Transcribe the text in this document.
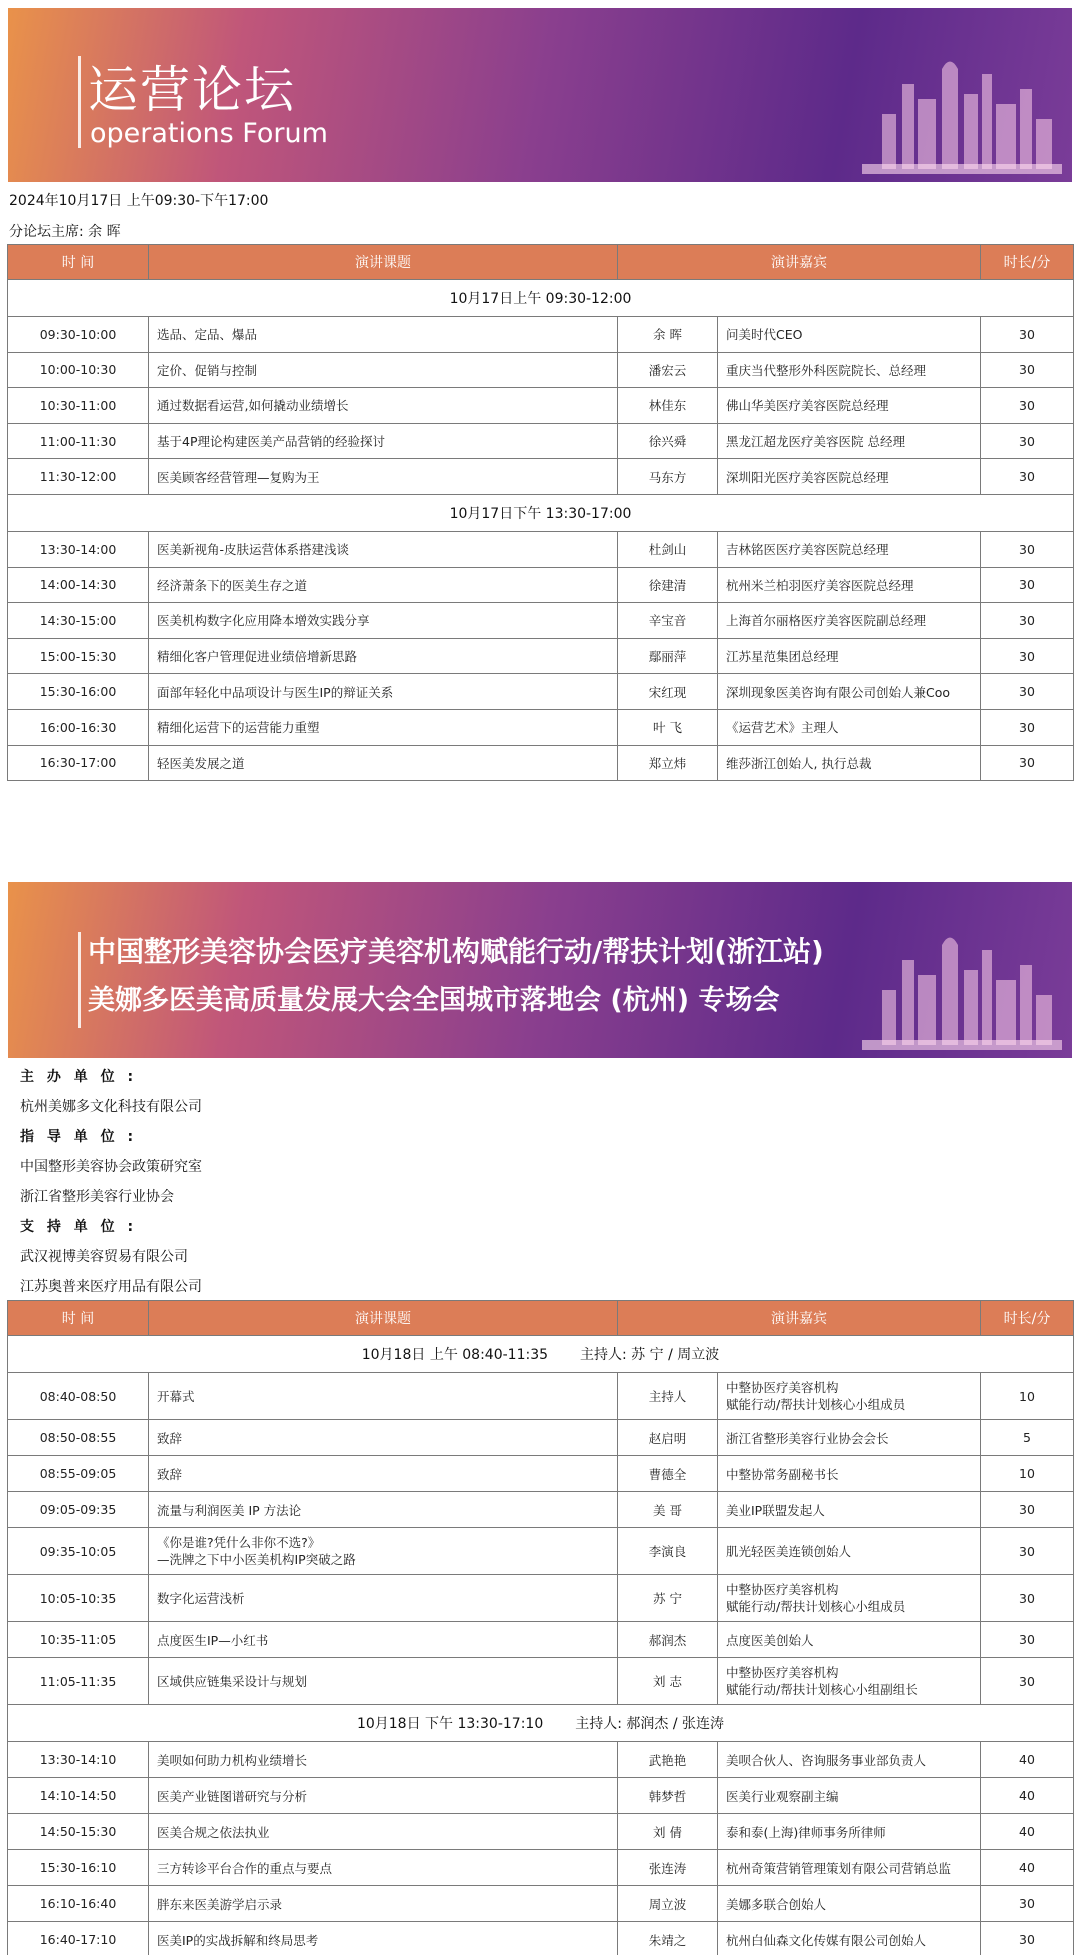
运营论坛
operations Forum
2024年10月17日 上午09:30-下午17:00
分论坛主席: 余 晖
时 间	演讲课题	演讲嘉宾		时长/分
10月17日上午 09:30-12:00				
09:30-10:00	选品、定品、爆品	余 晖	问美时代CEO	30
10:00-10:30	定价、促销与控制	潘宏云	重庆当代整形外科医院院长、总经理	30
10:30-11:00	通过数据看运营,如何撬动业绩增长	林佳东	佛山华美医疗美容医院总经理	30
11:00-11:30	基于4P理论构建医美产品营销的经验探讨	徐兴舜	黑龙江超龙医疗美容医院 总经理	30
11:30-12:00	医美顾客经营管理—复购为王	马东方	深圳阳光医疗美容医院总经理	30
10月17日下午 13:30-17:00				
13:30-14:00	医美新视角-皮肤运营体系搭建浅谈	杜剑山	吉林铭医医疗美容医院总经理	30
14:00-14:30	经济萧条下的医美生存之道	徐建清	杭州米兰柏羽医疗美容医院总经理	30
14:30-15:00	医美机构数字化应用降本增效实践分享	辛宝音	上海首尔丽格医疗美容医院副总经理	30
15:00-15:30	精细化客户管理促进业绩倍增新思路	鄢丽萍	江苏星范集团总经理	30
15:30-16:00	面部年轻化中品项设计与医生IP的辩证关系	宋红现	深圳现象医美咨询有限公司创始人兼Coo	30
16:00-16:30	精细化运营下的运营能力重塑	叶 飞	《运营艺术》主理人	30
16:30-17:00	轻医美发展之道	郑立炜	维莎浙江创始人, 执行总裁	30
中国整形美容协会医疗美容机构赋能行动/帮扶计划(浙江站)
美娜多医美高质量发展大会全国城市落地会 (杭州) 专场会
主 办 单 位 :
杭州美娜多文化科技有限公司
指 导 单 位 :
中国整形美容协会政策研究室
浙江省整形美容行业协会
支 持 单 位 :
武汉视博美容贸易有限公司
江苏奥普来医疗用品有限公司
时 间	演讲课题	演讲嘉宾		时长/分
10月18日 上午 08:40-11:35 主持人: 苏 宁 / 周立波				
08:40-08:50	开幕式	主持人	中整协医疗美容机构
赋能行动/帮扶计划核心小组成员	10
08:50-08:55	致辞	赵启明	浙江省整形美容行业协会会长	5
08:55-09:05	致辞	曹德全	中整协常务副秘书长	10
09:05-09:35	流量与利润医美 IP 方法论	美 哥	美业IP联盟发起人	30
09:35-10:05	《你是谁?凭什么非你不选?》
—洗牌之下中小医美机构IP突破之路	李演良	肌光轻医美连锁创始人	30
10:05-10:35	数字化运营浅析	苏 宁	中整协医疗美容机构
赋能行动/帮扶计划核心小组成员	30
10:35-11:05	点度医生IP—小红书	郝润杰	点度医美创始人	30
11:05-11:35	区域供应链集采设计与规划	刘 志	中整协医疗美容机构
赋能行动/帮扶计划核心小组副组长	30
10月18日 下午 13:30-17:10 主持人: 郝润杰 / 张连涛				
13:30-14:10	美呗如何助力机构业绩增长	武艳艳	美呗合伙人、咨询服务事业部负责人	40
14:10-14:50	医美产业链图谱研究与分析	韩梦哲	医美行业观察副主编	40
14:50-15:30	医美合规之依法执业	刘 倩	泰和泰(上海)律师事务所律师	40
15:30-16:10	三方转诊平台合作的重点与要点	张连涛	杭州奇策营销管理策划有限公司营销总监	40
16:10-16:40	胖东来医美游学启示录	周立波	美娜多联合创始人	30
16:40-17:10	医美IP的实战拆解和终局思考	朱靖之	杭州白仙森文化传媒有限公司创始人	30
